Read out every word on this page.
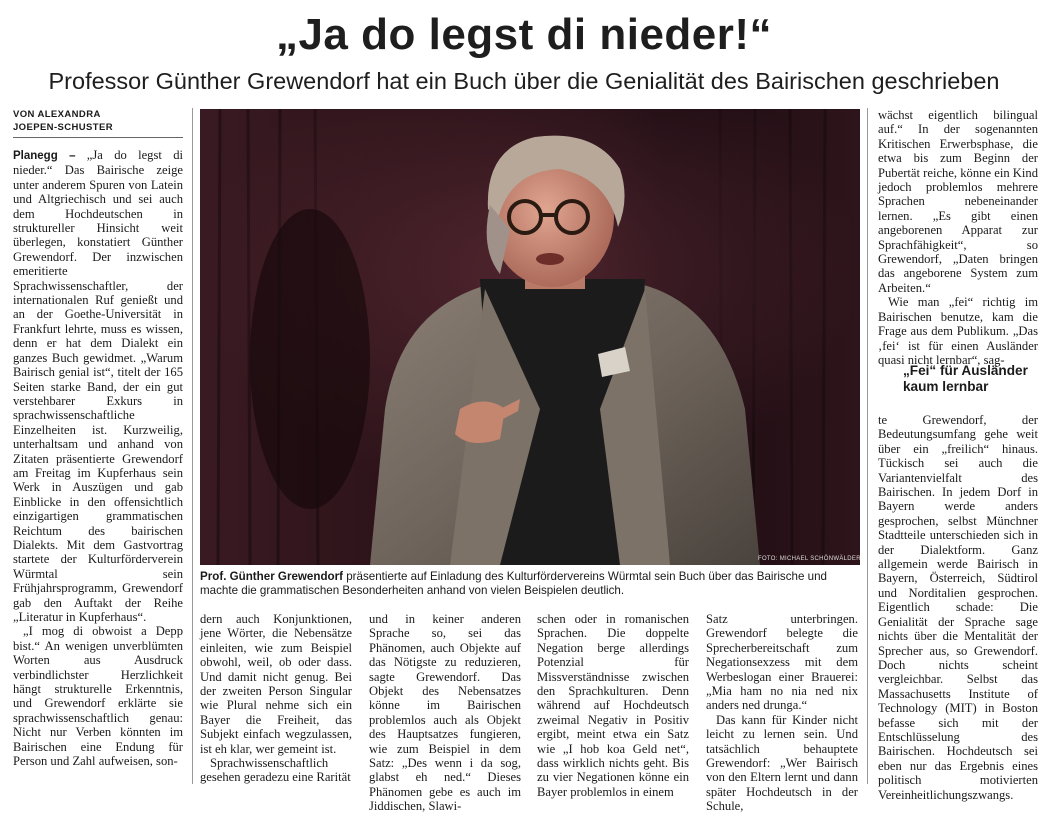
„Ja do legst di nieder!“
Professor Günther Grewendorf hat ein Buch über die Genialität des Bairischen geschrieben
VON ALEXANDRA
JOEPEN-SCHUSTER

Planegg – „Ja do legst di nieder.“ Das Bairische zeige unter anderem Spuren von Latein und Altgriechisch und sei auch dem Hochdeutschen in struktureller Hinsicht weit überlegen, konstatiert Günther Grewendorf. Der inzwischen emeritierte Sprachwissenschaftler, der internationalen Ruf genießt und an der Goethe-Universität in Frankfurt lehrte, muss es wissen, denn er hat dem Dialekt ein ganzes Buch gewidmet. „Warum Bairisch genial ist“, titelt der 165 Seiten starke Band, der ein gut verstehbarer Exkurs in sprachwissenschaftliche Einzelheiten ist. Kurzweilig, unterhaltsam und anhand von Zitaten präsentierte Grewendorf am Freitag im Kupferhaus sein Werk in Auszügen und gab Einblicke in den offensichtlich einzigartigen grammatischen Reichtum des bairischen Dialekts. Mit dem Gastvortrag startete der Kulturförderverein Würmtal sein Frühjahrsprogramm, Grewendorf gab den Auftakt der Reihe „Literatur in Kupferhaus“.

„I mog di obwoist a Depp bist.“ An wenigen unverblümten Worten aus Ausdruck verbindlichster Herzlichkeit hängt strukturelle Erkenntnis, und Grewendorf erklärte sie sprachwissenschaftlich genau: Nicht nur Verben könnten im Bairischen eine Endung für Person und Zahl aufweisen, son-

FOTO: MICHAEL SCHÖNWÄLDER
Prof. Günther Grewendorf präsentierte auf Einladung des Kulturfördervereins Würmtal sein Buch über das Bairische und machte die grammatischen Besonderheiten anhand von vielen Beispielen deutlich.

dern auch Konjunktionen, jene Wörter, die Nebensätze einleiten, wie zum Beispiel obwohl, weil, ob oder dass. Und damit nicht genug. Bei der zweiten Person Singular wie Plural nehme sich ein Bayer die Freiheit, das Subjekt einfach wegzulassen, ist eh klar, wer gemeint ist.

Sprachwissenschaftlich gesehen geradezu eine Rarität

und in keiner anderen Sprache so, sei das Phänomen, auch Objekte auf das Nötigste zu reduzieren, sagte Grewendorf. Das Objekt des Nebensatzes könne im Bairischen problemlos auch als Objekt des Hauptsatzes fungieren, wie zum Beispiel in dem Satz: „Des wenn i da sog, glabst eh ned.“ Dieses Phänomen gebe es auch im Jiddischen, Slawi-

schen oder in romanischen Sprachen. Die doppelte Negation berge allerdings Potenzial für Missverständnisse zwischen den Sprachkulturen. Denn während auf Hochdeutsch zweimal Negativ in Positiv ergibt, meint etwa ein Satz wie „I hob koa Geld net“, dass wirklich nichts geht. Bis zu vier Negationen könne ein Bayer problemlos in einem

Satz unterbringen. Grewendorf belegte die Sprecherbereitschaft zum Negationsexzess mit dem Werbeslogan einer Brauerei: „Mia ham no nia ned nix anders ned drunga.“

Das kann für Kinder nicht leicht zu lernen sein. Und tatsächlich behauptete Grewendorf: „Wer Bairisch von den Eltern lernt und dann später Hochdeutsch in der Schule,

wächst eigentlich bilingual auf.“ In der sogenannten Kritischen Erwerbsphase, die etwa bis zum Beginn der Pubertät reiche, könne ein Kind jedoch problemlos mehrere Sprachen nebeneinander lernen. „Es gibt einen angeborenen Apparat zur Sprachfähigkeit“, so Grewendorf, „Daten bringen das angeborene System zum Arbeiten.“

Wie man „fei“ richtig im Bairischen benutze, kam die Frage aus dem Publikum. „Das ‚fei‘ ist für einen Ausländer quasi nicht lernbar“, sag-

„Fei“ für Ausländer kaum lernbar

te Grewendorf, der Bedeutungsumfang gehe weit über ein „freilich“ hinaus. Tückisch sei auch die Variantenvielfalt des Bairischen. In jedem Dorf in Bayern werde anders gesprochen, selbst Münchner Stadtteile unterschieden sich in der Dialektform. Ganz allgemein werde Bairisch in Bayern, Österreich, Südtirol und Norditalien gesprochen. Eigentlich schade: Die Genialität der Sprache sage nichts über die Mentalität der Sprecher aus, so Grewendorf. Doch nichts scheint vergleichbar. Selbst das Massachusetts Institute of Technology (MIT) in Boston befasse sich mit der Entschlüsselung des Bairischen. Hochdeutsch sei eben nur das Ergebnis eines politisch motivierten Vereinheitlichungszwangs.
